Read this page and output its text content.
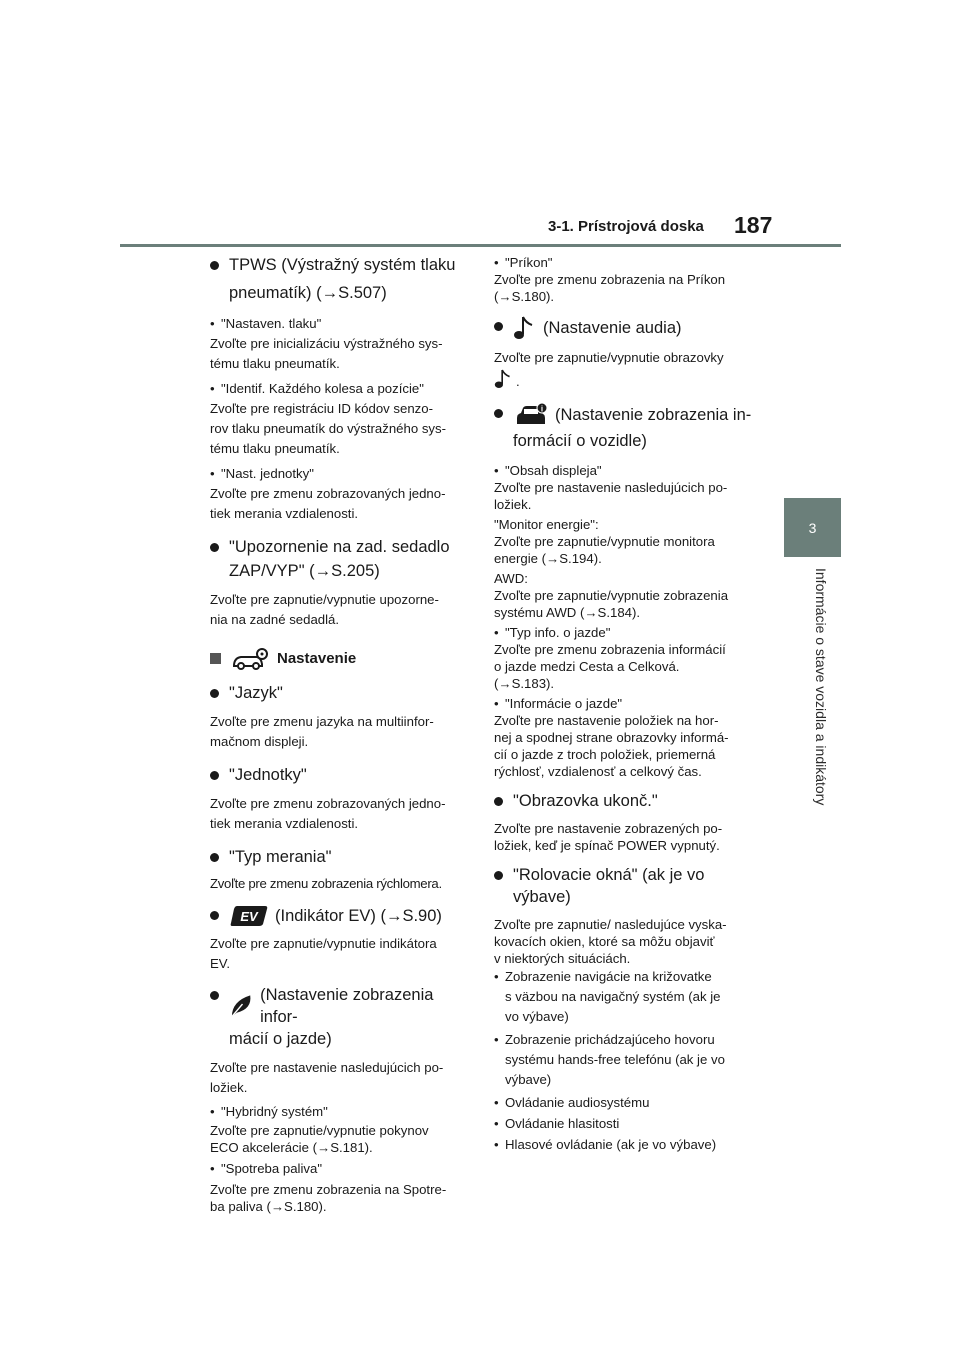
3-1. Prístrojová doska 187
3
Informácie o stave vozidla a indikátory
TPWS (Výstražný systém tlaku
pneumatík) (→S.507)
• "Nastaven. tlaku"
Zvoľte pre inicializáciu výstražného sys-
tému tlaku pneumatík.
• "Identif. Každého kolesa a pozície"
Zvoľte pre registráciu ID kódov senzo-
rov tlaku pneumatík do výstražného sys-
tému tlaku pneumatík.
• "Nast. jednotky"
Zvoľte pre zmenu zobrazovaných jedno-
tiek merania vzdialenosti.
"Upozornenie na zad. sedadlo
ZAP/VYP" (→S.205)
Zvoľte pre zapnutie/vypnutie upozorne-
nia na zadné sedadlá.
Nastavenie
"Jazyk"
Zvoľte pre zmenu jazyka na multiinfor-
mačnom displeji.
"Jednotky"
Zvoľte pre zmenu zobrazovaných jedno-
tiek merania vzdialenosti.
"Typ merania"
Zvoľte pre zmenu zobrazenia rýchlomera.
EV (Indikátor EV) (→S.90)
Zvoľte pre zapnutie/vypnutie indikátora
EV.
(Nastavenie zobrazenia infor-
mácií o jazde)
Zvoľte pre nastavenie nasledujúcich po-
ložiek.
• "Hybridný systém"
Zvoľte pre zapnutie/vypnutie pokynov
ECO akcelerácie (→S.181).
• "Spotreba paliva"
Zvoľte pre zmenu zobrazenia na Spotre-
ba paliva (→S.180).
• "Príkon"
Zvoľte pre zmenu zobrazenia na Príkon
(→S.180).
(Nastavenie audia)
Zvoľte pre zapnutie/vypnutie obrazovky
.
i (Nastavenie zobrazenia in-
formácií o vozidle)
• "Obsah displeja"
Zvoľte pre nastavenie nasledujúcich po-
ložiek.
"Monitor energie":
Zvoľte pre zapnutie/vypnutie monitora
energie (→S.194).
AWD:
Zvoľte pre zapnutie/vypnutie zobrazenia
systému AWD (→S.184).
• "Typ info. o jazde"
Zvoľte pre zmenu zobrazenia informácií
o jazde medzi Cesta a Celková.
(→S.183).
• "Informácie o jazde"
Zvoľte pre nastavenie položiek na hor-
nej a spodnej strane obrazovky informá-
cií o jazde z troch položiek, priemerná
rýchlosť, vzdialenosť a celkový čas.
"Obrazovka ukonč."
Zvoľte pre nastavenie zobrazených po-
ložiek, keď je spínač POWER vypnutý.
"Rolovacie okná" (ak je vo výbave)
Zvoľte pre zapnutie/ nasledujúce vyska-
kovacích okien, ktoré sa môžu objaviť
v niektorých situáciách.
• Zobrazenie navigácie na križovatke
s väzbou na navigačný systém (ak je
vo výbave)
• Zobrazenie prichádzajúceho hovoru
systému hands-free telefónu (ak je vo
výbave)
• Ovládanie audiosystému
• Ovládanie hlasitosti
• Hlasové ovládanie (ak je vo výbave)
